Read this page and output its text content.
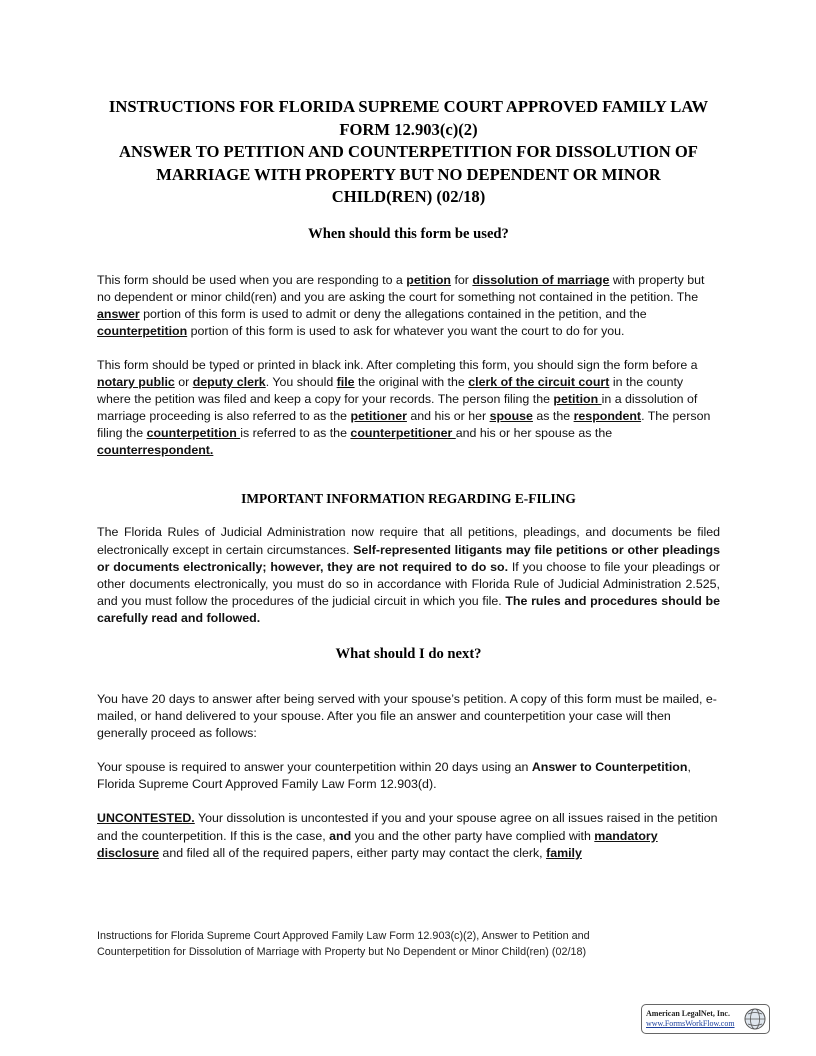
INSTRUCTIONS FOR FLORIDA SUPREME COURT APPROVED FAMILY LAW
FORM 12.903(c)(2)
ANSWER TO PETITION AND COUNTERPETITION FOR DISSOLUTION OF
MARRIAGE WITH PROPERTY BUT NO DEPENDENT OR MINOR
CHILD(REN) (02/18)
When should this form be used?

This form should be used when you are responding to a petition for dissolution of marriage with property but no dependent or minor child(ren) and you are asking the court for something not contained in the petition. The answer portion of this form is used to admit or deny the allegations contained in the petition, and the counterpetition portion of this form is used to ask for whatever you want the court to do for you.

This form should be typed or printed in black ink. After completing this form, you should sign the form before a notary public or deputy clerk. You should file the original with the clerk of the circuit court in the county where the petition was filed and keep a copy for your records. The person filing the petition in a dissolution of marriage proceeding is also referred to as the petitioner and his or her spouse as the respondent. The person filing the counterpetition is referred to as the counterpetitioner and his or her spouse as the counterrespondent.

IMPORTANT INFORMATION REGARDING E-FILING

The Florida Rules of Judicial Administration now require that all petitions, pleadings, and documents be filed electronically except in certain circumstances. Self-represented litigants may file petitions or other pleadings or documents electronically; however, they are not required to do so. If you choose to file your pleadings or other documents electronically, you must do so in accordance with Florida Rule of Judicial Administration 2.525, and you must follow the procedures of the judicial circuit in which you file. The rules and procedures should be carefully read and followed.

What should I do next?

You have 20 days to answer after being served with your spouse’s petition. A copy of this form must be mailed, e-mailed, or hand delivered to your spouse. After you file an answer and counterpetition your case will then generally proceed as follows:

Your spouse is required to answer your counterpetition within 20 days using an Answer to Counterpetition, Florida Supreme Court Approved Family Law Form 12.903(d).

UNCONTESTED. Your dissolution is uncontested if you and your spouse agree on all issues raised in the petition and the counterpetition. If this is the case, and you and the other party have complied with mandatory disclosure and filed all of the required papers, either party may contact the clerk, family

Instructions for Florida Supreme Court Approved Family Law Form 12.903(c)(2), Answer to Petition and
Counterpetition for Dissolution of Marriage with Property but No Dependent or Minor Child(ren) (02/18)
American LegalNet, Inc.
www.FormsWorkFlow.com
